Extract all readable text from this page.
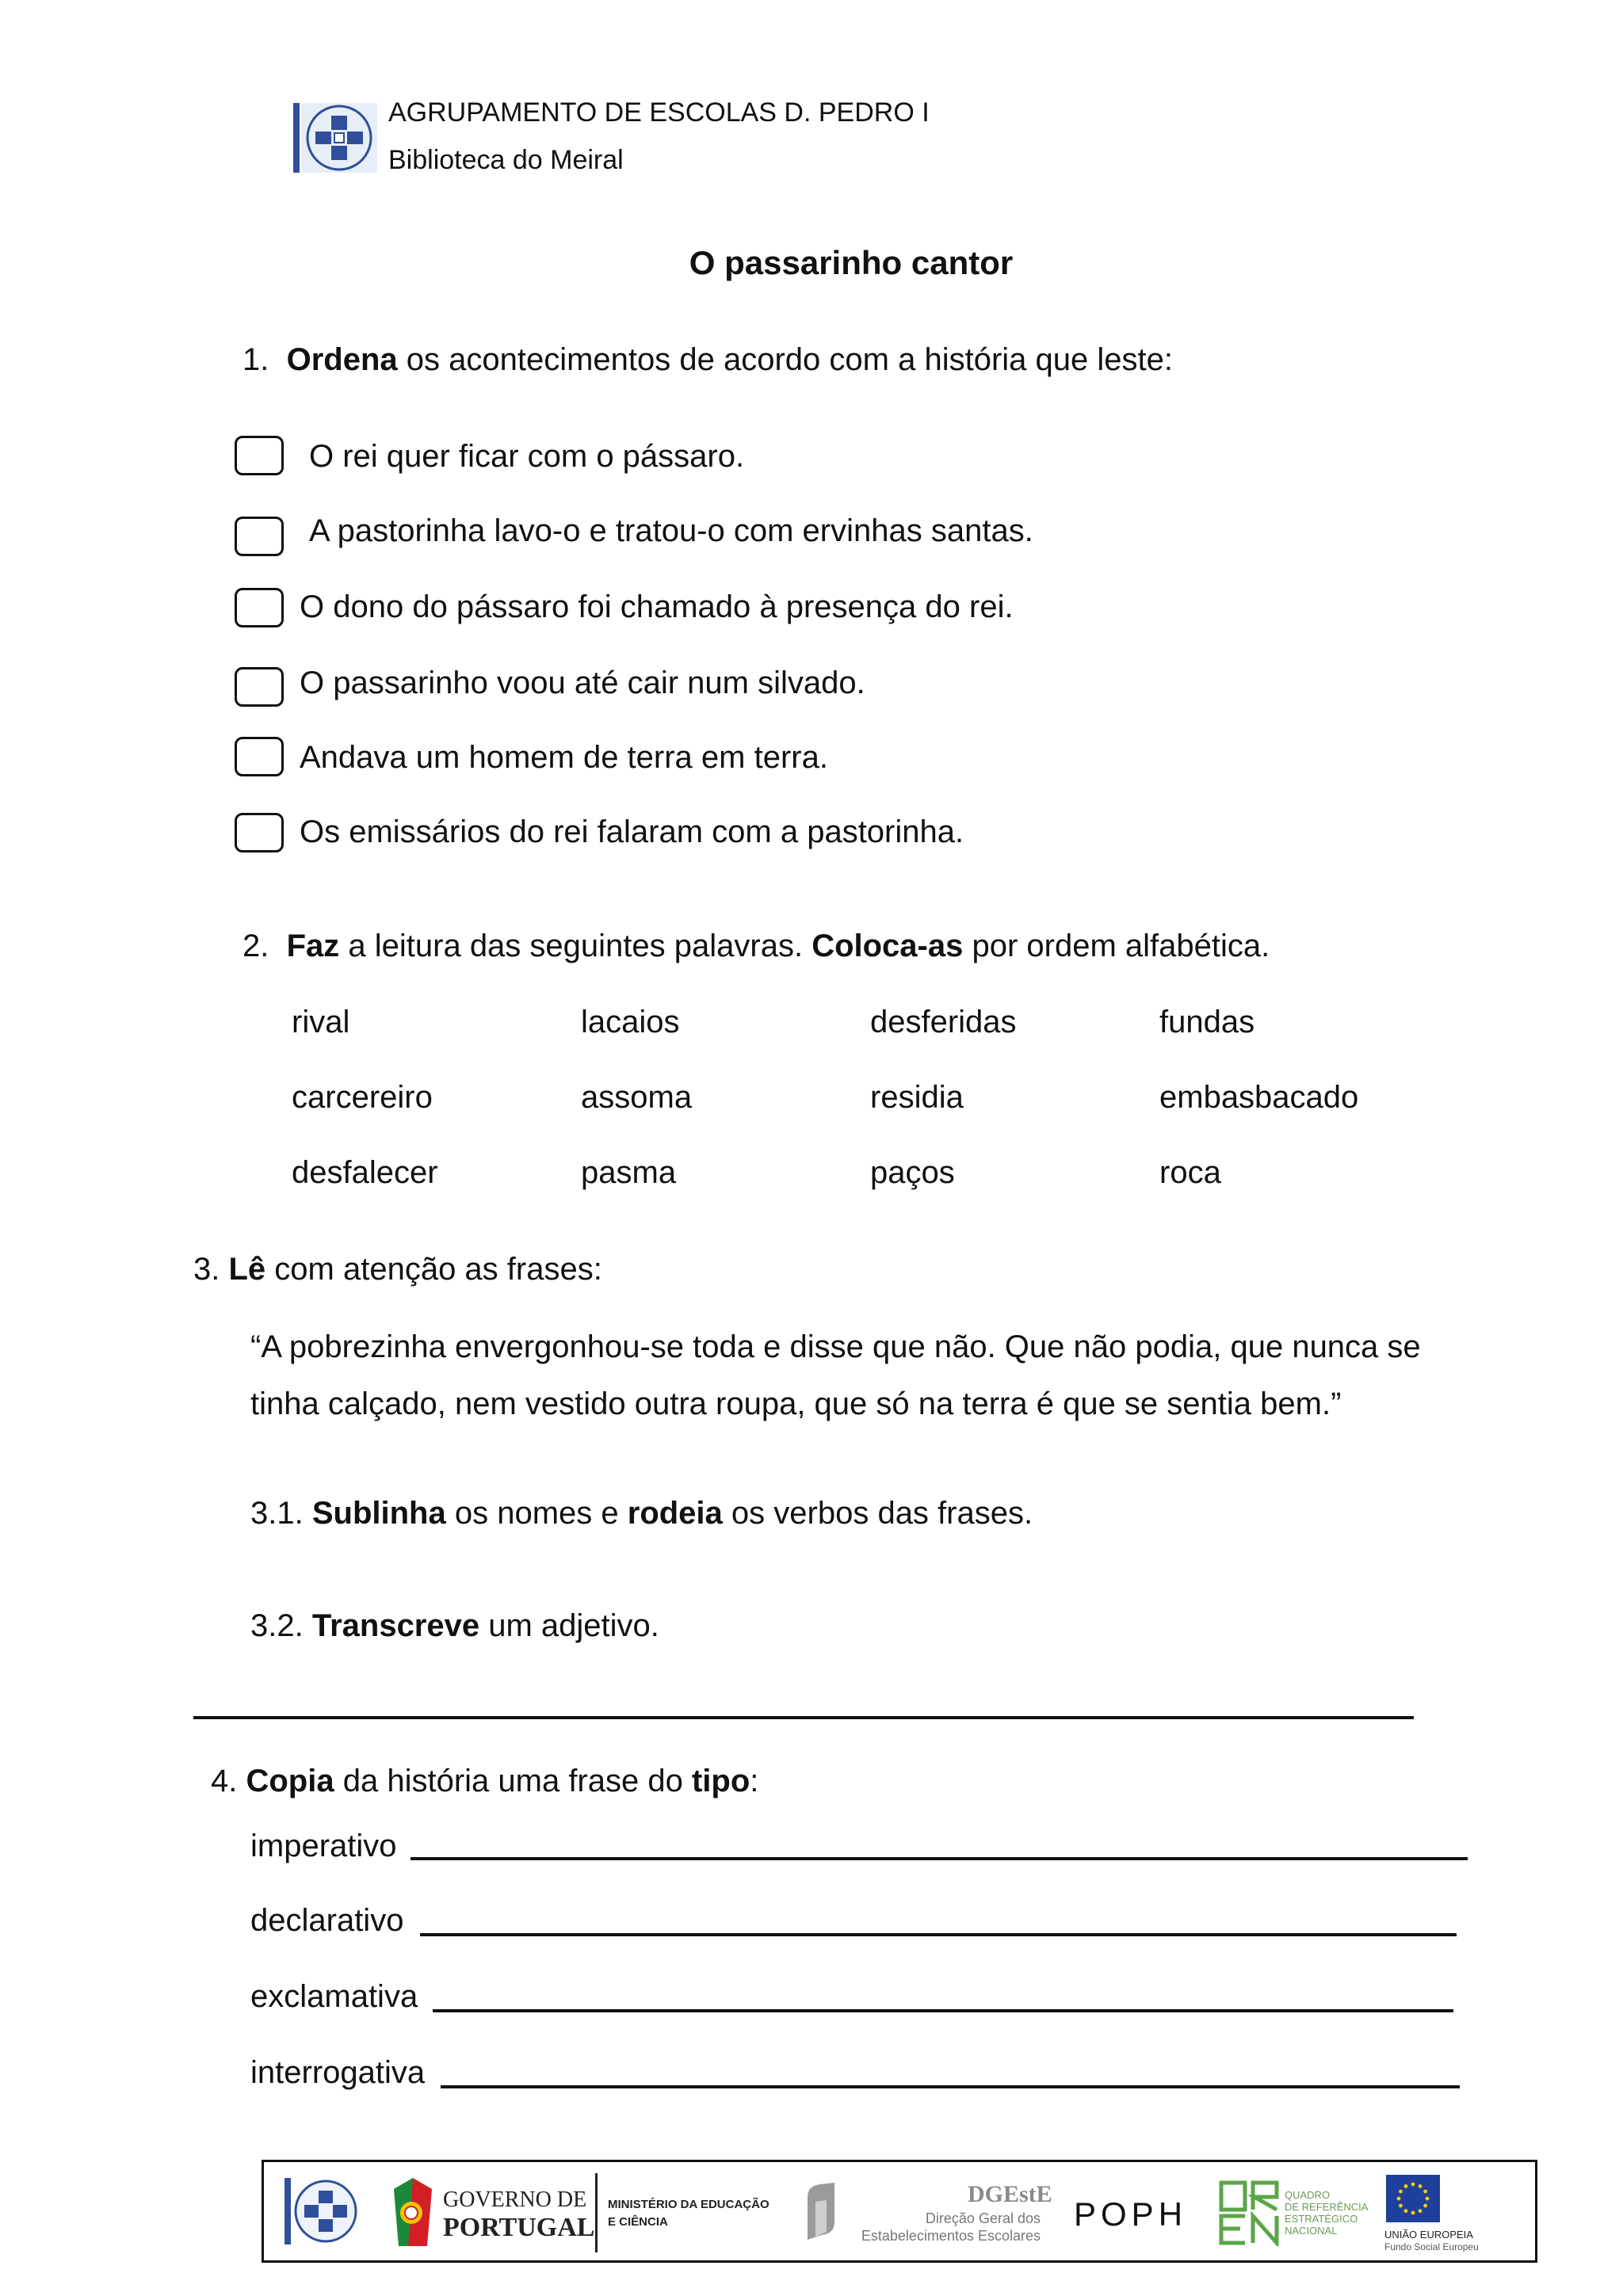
AGRUPAMENTO DE ESCOLAS D. PEDRO I
Biblioteca do Meiral
O passarinho cantor
1. Ordena os acontecimentos de acordo com a história que leste:
O rei quer ficar com o pássaro.
A pastorinha lavo-o e tratou-o com ervinhas santas.
O dono do pássaro foi chamado à presença do rei.
O passarinho voou até cair num silvado.
Andava um homem de terra em terra.
Os emissários do rei falaram com a pastorinha.
2. Faz a leitura das seguintes palavras. Coloca-as por ordem alfabética.
rival	lacaios	desferidas	fundas
carcereiro	assoma	residia	embasbacado
desfalecer	pasma	paços	roca
3. Lê com atenção as frases:
“A pobrezinha envergonhou-se toda e disse que não. Que não podia, que nunca se
tinha calçado, nem vestido outra roupa, que só na terra é que se sentia bem.”
3.1. Sublinha os nomes e rodeia os verbos das frases.
3.2. Transcreve um adjetivo.
4. Copia da história uma frase do tipo:
imperativo
declarativo
exclamativa
interrogativa
GOVERNO DE
PORTUGAL
MINISTÉRIO DA EDUCAÇÃO
E CIÊNCIA
DGEstE
Direção Geral dos
Estabelecimentos Escolares
POPH
QUADRO
DE REFERÊNCIA
ESTRATÉGICO
NACIONAL	UNIÃO EUROPEIA
Fundo Social Europeu
